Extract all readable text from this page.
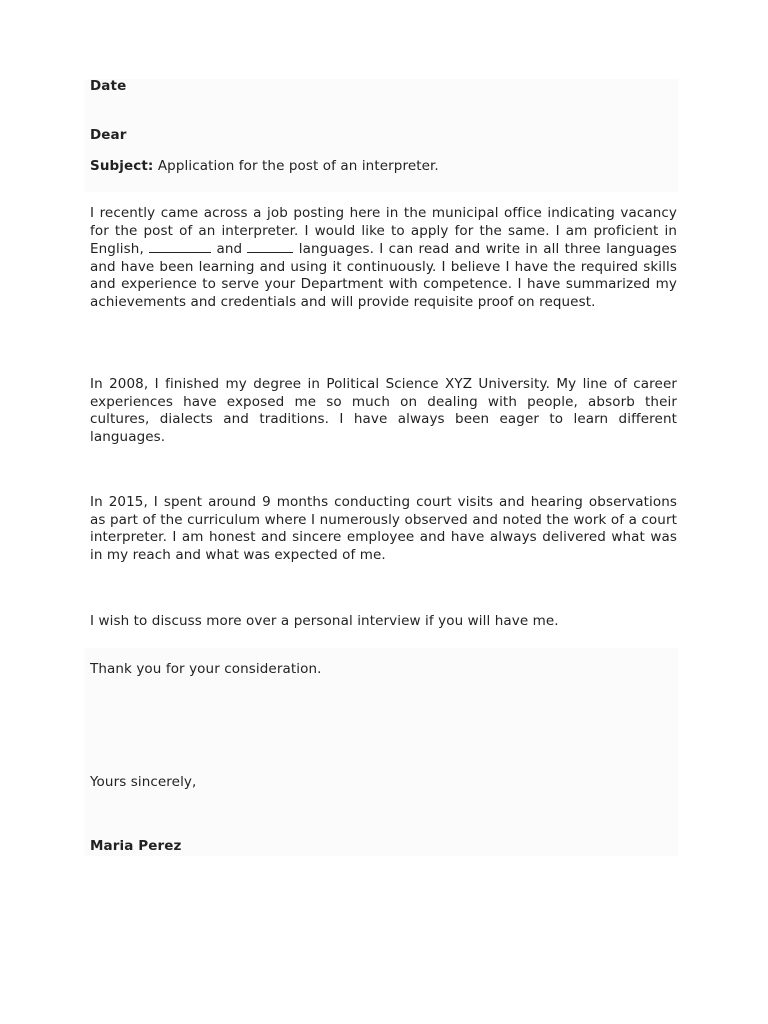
Date

Dear

Subject: Application for the post of an interpreter.

I recently came across a job posting here in the municipal office indicating vacancy for the post of an interpreter. I would like to apply for the same. I am proficient in English,	and	languages. I can read and write in all three languages and have been learning and using it continuously. I believe I have the required skills and experience to serve your Department with competence. I have summarized my achievements and credentials and will provide requisite proof on request.

In 2008, I finished my degree in Political Science XYZ University. My line of career experiences have exposed me so much on dealing with people, absorb their cultures, dialects and traditions. I have always been eager to learn different languages.

In 2015, I spent around 9 months conducting court visits and hearing observations as part of the curriculum where I numerously observed and noted the work of a court interpreter. I am honest and sincere employee and have always delivered what was in my reach and what was expected of me.

I wish to discuss more over a personal interview if you will have me.

Thank you for your consideration.

Yours sincerely,

Maria Perez
